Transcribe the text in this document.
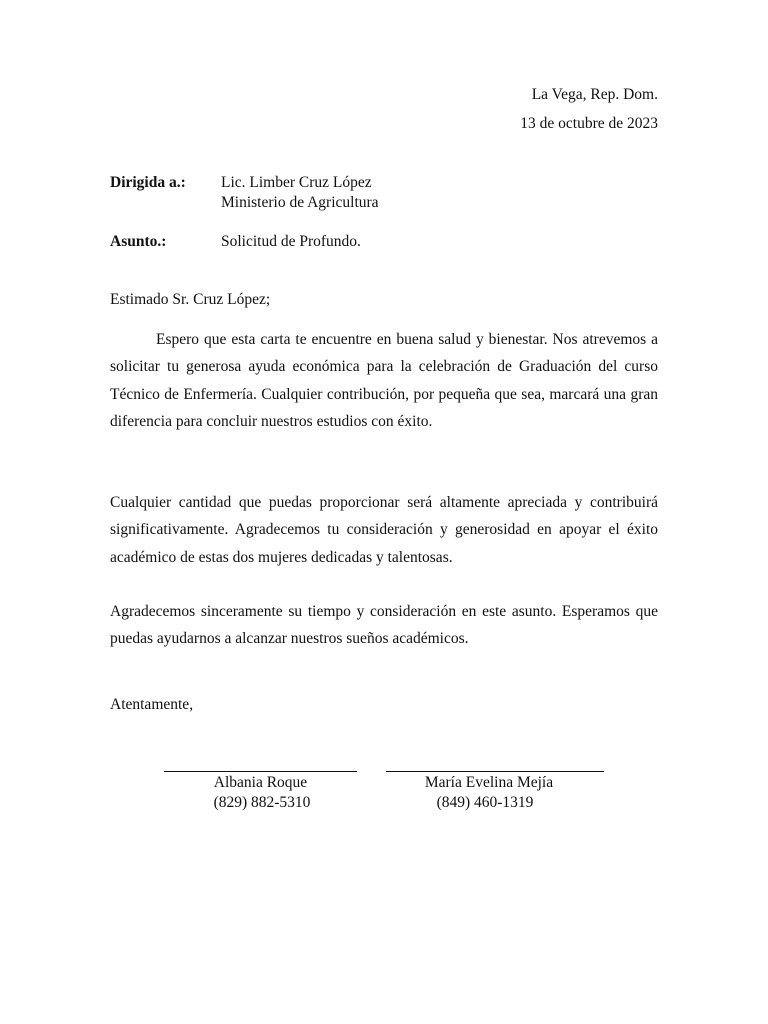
La Vega, Rep. Dom.
13 de octubre de 2023
Dirigida a.: Lic. Limber Cruz López
Ministerio de Agricultura
Asunto.:	Solicitud de Profundo.
Estimado Sr. Cruz López;
Espero que esta carta te encuentre en buena salud y bienestar. Nos atrevemos a solicitar tu generosa ayuda económica para la celebración de Graduación del curso Técnico de Enfermería. Cualquier contribución, por pequeña que sea, marcará una gran diferencia para concluir nuestros estudios con éxito.
Cualquier cantidad que puedas proporcionar será altamente apreciada y contribuirá significativamente. Agradecemos tu consideración y generosidad en apoyar el éxito académico de estas dos mujeres dedicadas y talentosas.
Agradecemos sinceramente su tiempo y consideración en este asunto. Esperamos que puedas ayudarnos a alcanzar nuestros sueños académicos.
Atentamente,
Albania Roque
(829) 882-5310
María Evelina Mejía
(849) 460-1319
